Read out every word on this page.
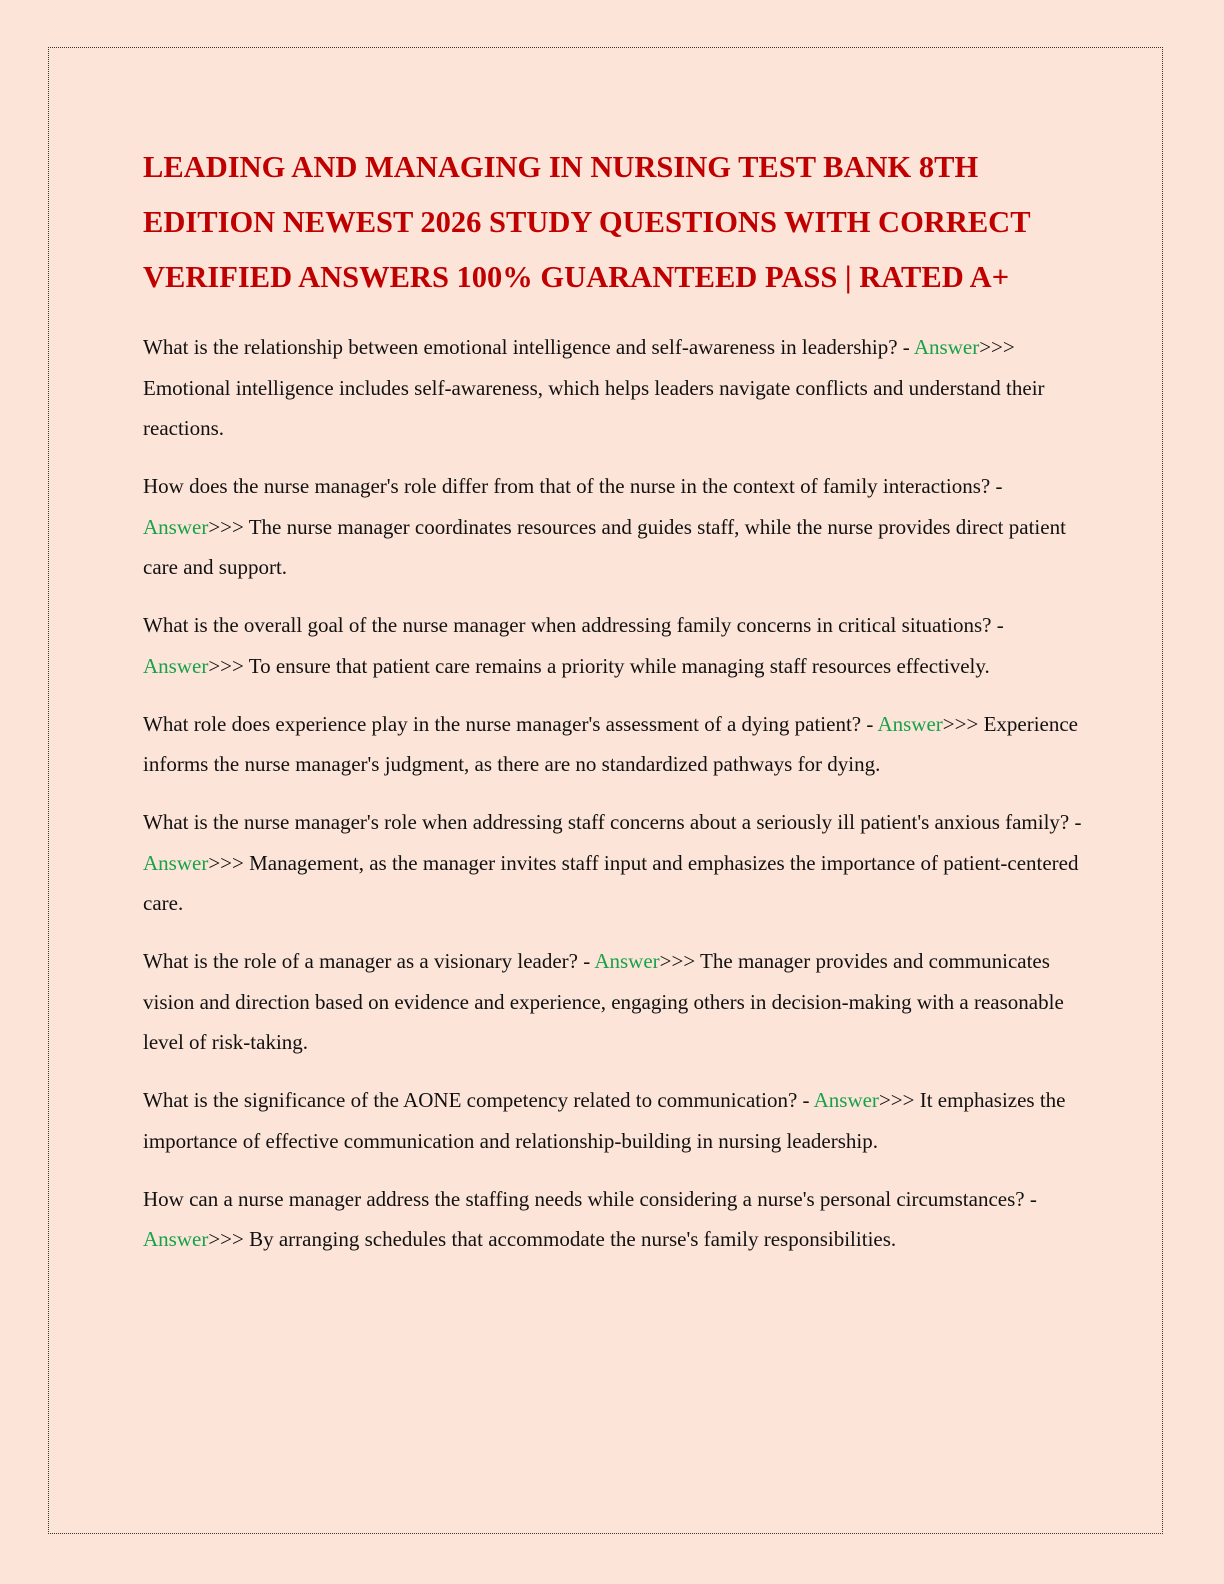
LEADING AND MANAGING IN NURSING TEST BANK 8TH EDITION NEWEST 2026 STUDY QUESTIONS WITH CORRECT VERIFIED ANSWERS 100% GUARANTEED PASS | RATED A+

What is the relationship between emotional intelligence and self-awareness in leadership? - Answer>>> Emotional intelligence includes self-awareness, which helps leaders navigate conflicts and understand their reactions.

How does the nurse manager's role differ from that of the nurse in the context of family interactions? - Answer>>> The nurse manager coordinates resources and guides staff, while the nurse provides direct patient care and support.

What is the overall goal of the nurse manager when addressing family concerns in critical situations? - Answer>>> To ensure that patient care remains a priority while managing staff resources effectively.

What role does experience play in the nurse manager's assessment of a dying patient? - Answer>>> Experience informs the nurse manager's judgment, as there are no standardized pathways for dying.

What is the nurse manager's role when addressing staff concerns about a seriously ill patient's anxious family? - Answer>>> Management, as the manager invites staff input and emphasizes the importance of patient-centered care.

What is the role of a manager as a visionary leader? - Answer>>> The manager provides and communicates vision and direction based on evidence and experience, engaging others in decision-making with a reasonable level of risk-taking.

What is the significance of the AONE competency related to communication? - Answer>>> It emphasizes the importance of effective communication and relationship-building in nursing leadership.

How can a nurse manager address the staffing needs while considering a nurse's personal circumstances? - Answer>>> By arranging schedules that accommodate the nurse's family responsibilities.
